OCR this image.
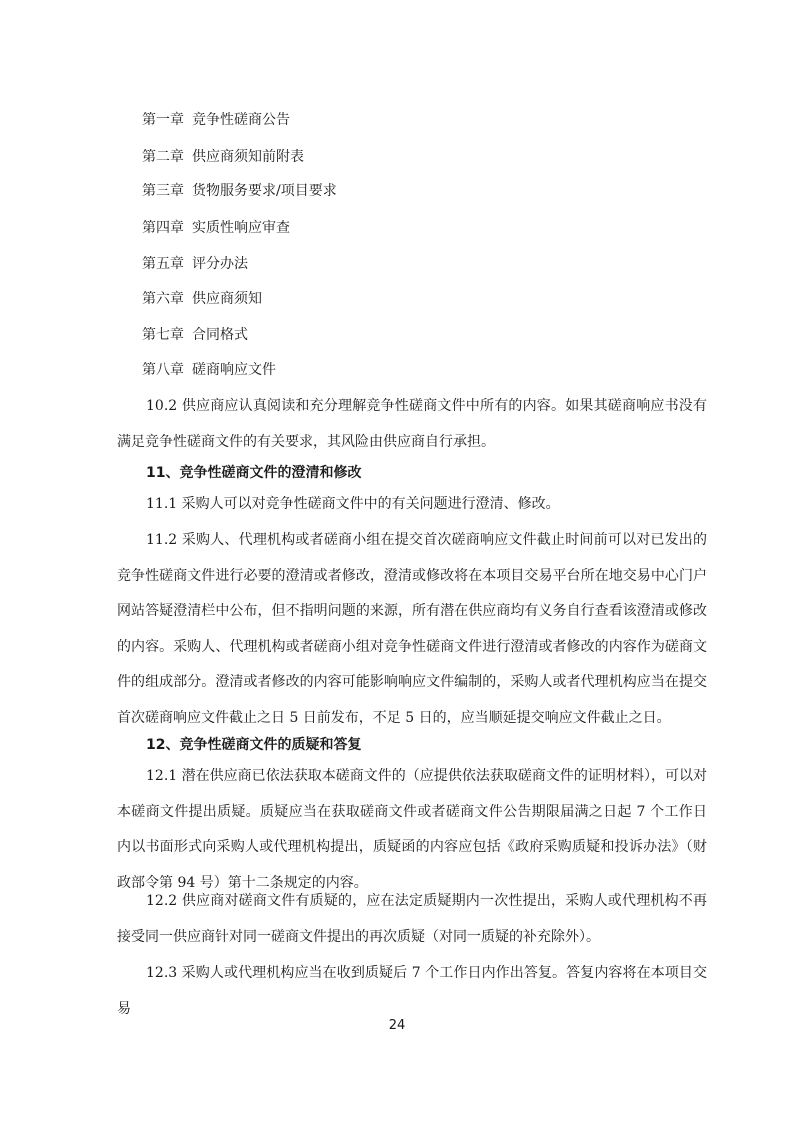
第一章 竞争性磋商公告
第二章 供应商须知前附表
第三章 货物服务要求/项目要求
第四章 实质性响应审查
第五章 评分办法
第六章 供应商须知
第七章 合同格式
第八章 磋商响应文件
10.2 供应商应认真阅读和充分理解竞争性磋商文件中所有的内容。如果其磋商响应书没有满足竞争性磋商文件的有关要求，其风险由供应商自行承担。
11、竞争性磋商文件的澄清和修改
11.1 采购人可以对竞争性磋商文件中的有关问题进行澄清、修改。
11.2 采购人、代理机构或者磋商小组在提交首次磋商响应文件截止时间前可以对已发出的竞争性磋商文件进行必要的澄清或者修改，澄清或修改将在本项目交易平台所在地交易中心门户网站答疑澄清栏中公布，但不指明问题的来源，所有潜在供应商均有义务自行查看该澄清或修改的内容。采购人、代理机构或者磋商小组对竞争性磋商文件进行澄清或者修改的内容作为磋商文件的组成部分。澄清或者修改的内容可能影响响应文件编制的，采购人或者代理机构应当在提交首次磋商响应文件截止之日 5 日前发布，不足 5 日的，应当顺延提交响应文件截止之日。
12、竞争性磋商文件的质疑和答复
12.1 潜在供应商已依法获取本磋商文件的（应提供依法获取磋商文件的证明材料），可以对本磋商文件提出质疑。质疑应当在获取磋商文件或者磋商文件公告期限届满之日起 7 个工作日内以书面形式向采购人或代理机构提出，质疑函的内容应包括《政府采购质疑和投诉办法》（财政部令第 94 号）第十二条规定的内容。
12.2 供应商对磋商文件有质疑的，应在法定质疑期内一次性提出，采购人或代理机构不再接受同一供应商针对同一磋商文件提出的再次质疑（对同一质疑的补充除外）。
12.3 采购人或代理机构应当在收到质疑后 7 个工作日内作出答复。答复内容将在本项目交易
24
